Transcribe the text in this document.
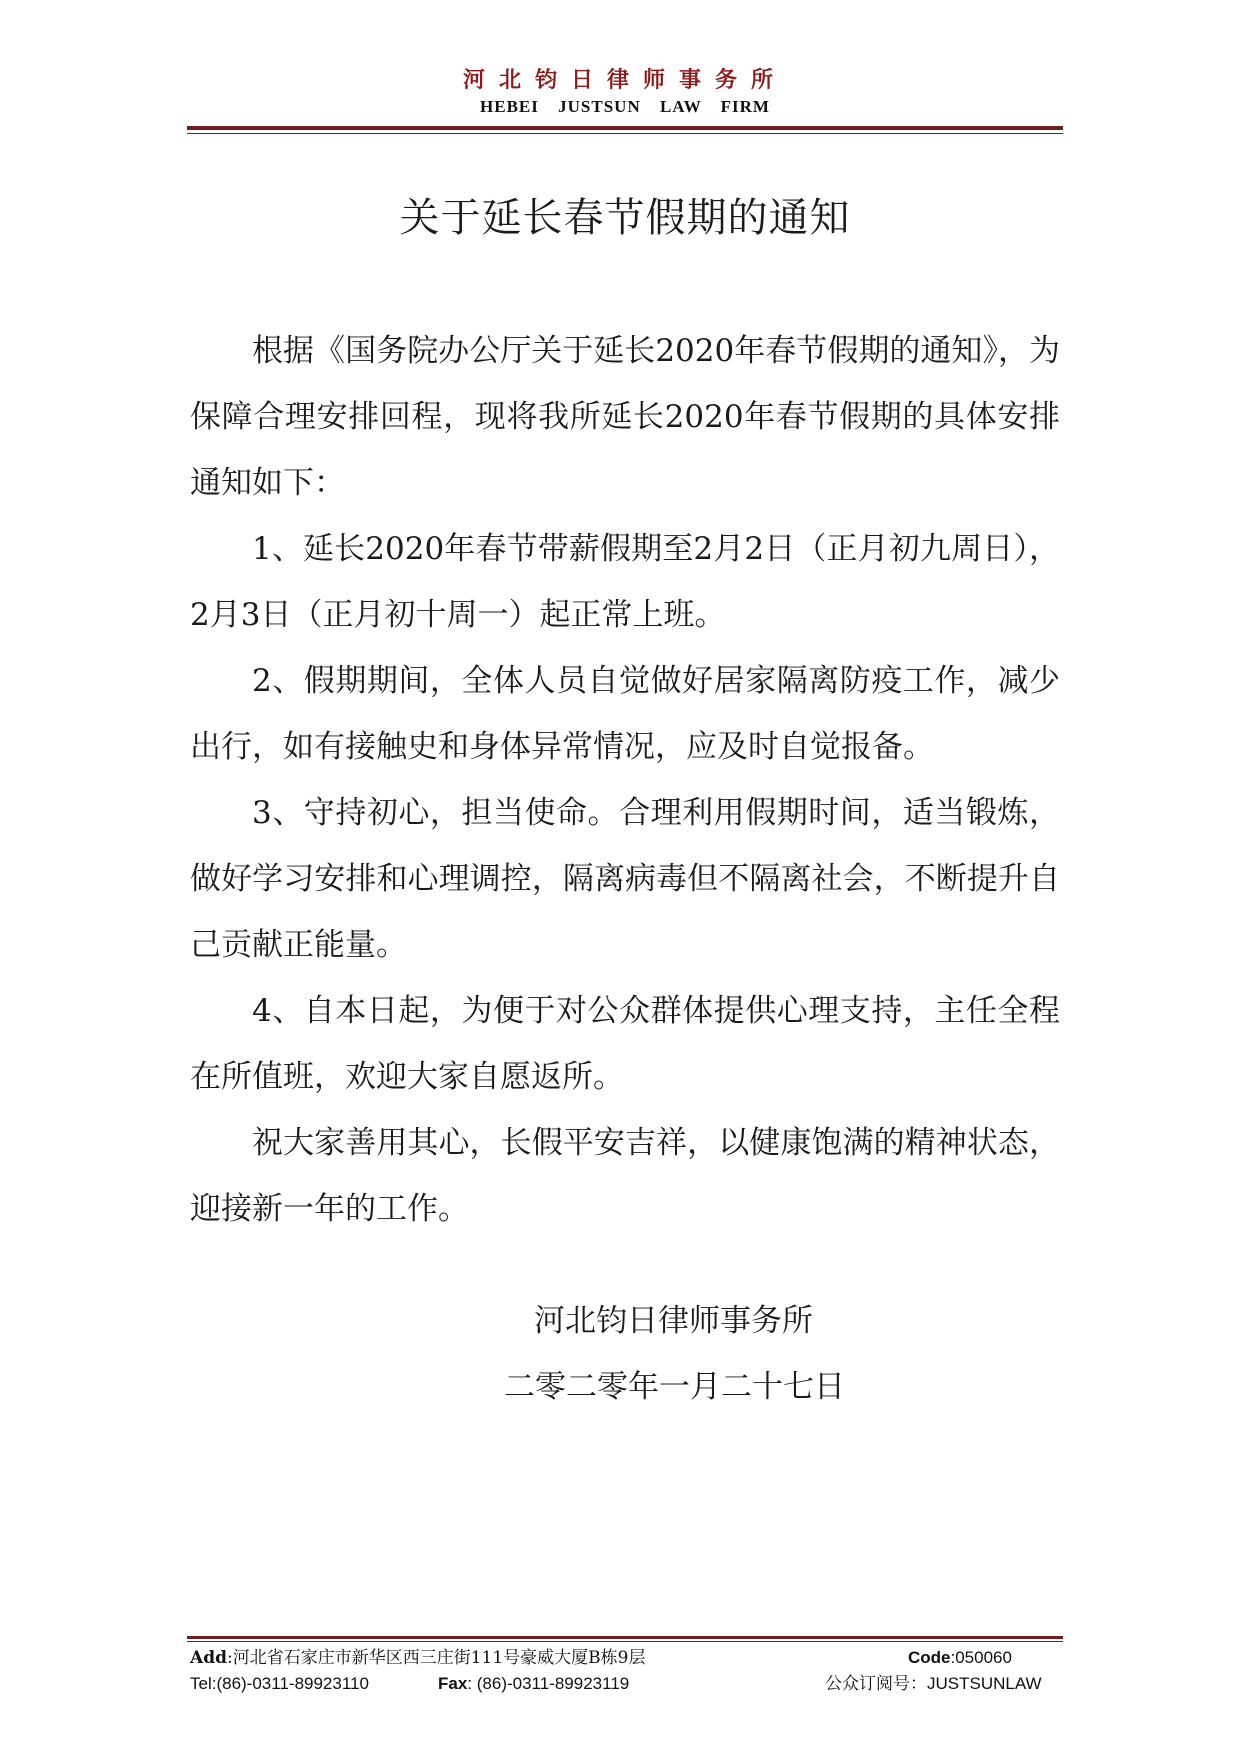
河北钧日律师事务所
HEBEI JUSTSUN LAW FIRM
关于延长春节假期的通知

根据《国务院办公厅关于延长2020年春节假期的通知》，为保障合理安排回程，现将我所延长2020年春节假期的具体安排通知如下：

1、延长2020年春节带薪假期至2月2日（正月初九周日），2月3日（正月初十周一）起正常上班。

2、假期期间，全体人员自觉做好居家隔离防疫工作，减少出行，如有接触史和身体异常情况，应及时自觉报备。

3、守持初心，担当使命。合理利用假期时间，适当锻炼，做好学习安排和心理调控，隔离病毒但不隔离社会，不断提升自己贡献正能量。

4、自本日起，为便于对公众群体提供心理支持，主任全程在所值班，欢迎大家自愿返所。

祝大家善用其心，长假平安吉祥，以健康饱满的精神状态，迎接新一年的工作。

河北钧日律师事务所
二零二零年一月二十七日
Add:河北省石家庄市新华区西三庄街111号豪威大厦B栋9层	Code:050060
Tel:(86)-0311-89923110	Fax: (86)-0311-89923119	公众订阅号：JUSTSUNLAW
